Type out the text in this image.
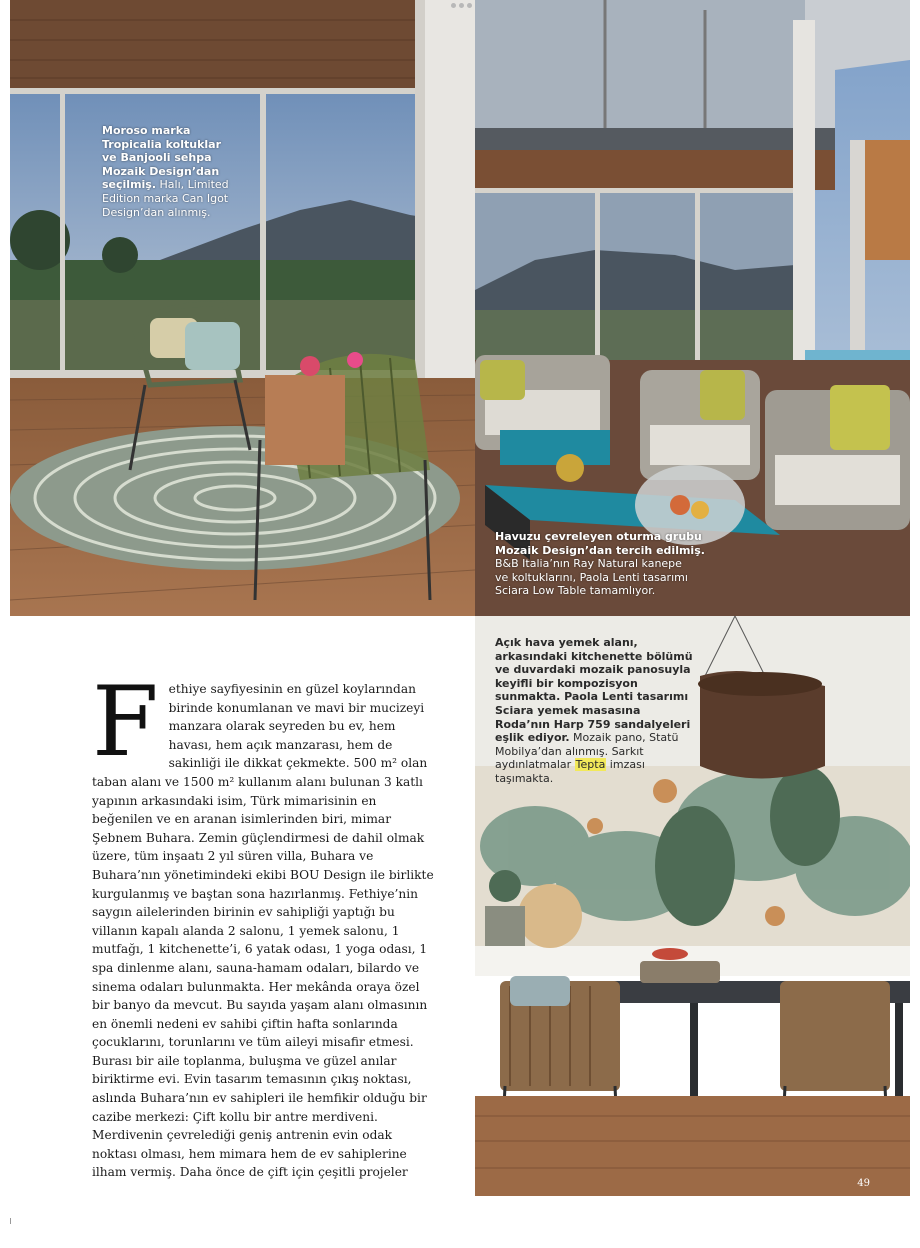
Moroso marka
Tropicalia koltuklar
ve Banjooli sehpa
Mozaik Design’dan
seçilmiş. Halı, Limited Edition marka Can Igot Design’dan alınmış.
Havuzu çevreleyen oturma grubu
Mozaik Design’dan tercih edilmiş.
B&B Italia’nın Ray Natural kanepe
ve koltuklarını, Paola Lenti tasarımı
Sciara Low Table tamamlıyor.
Açık hava yemek alanı, arkasındaki kitchenette bölümü ve duvardaki mozaik panosuyla keyifli bir kompozisyon sunmakta. Paola Lenti tasarımı Sciara yemek masasına Roda’nın Harp 759 sandalyeleri eşlik ediyor. Mozaik pano, Statü Mobilya’dan alınmış. Sarkıt aydınlatmalar Tepta imzası taşımakta.
F ethiye sayfiyesinin en güzel koylarından birinde konumlanan ve mavi bir mucizeyi manzara olarak seyreden bu ev, hem havası, hem açık manzarası, hem de sakinliği ile dikkat çekmekte. 500 m² olan taban alanı ve 1500 m² kullanım alanı bulunan 3 katlı yapının arkasındaki isim, Türk mimarisinin en beğenilen ve en aranan isimlerinden biri, mimar Şebnem Buhara. Zemin güçlendirmesi de dahil olmak üzere, tüm inşaatı 2 yıl süren villa, Buhara ve Buhara’nın yönetimindeki ekibi BOU Design ile birlikte kurgulanmış ve baştan sona hazırlanmış. Fethiye’nin saygın ailelerinden birinin ev sahipliği yaptığı bu villanın kapalı alanda 2 salonu, 1 yemek salonu, 1 mutfağı, 1 kitchenette’i, 6 yatak odası, 1 yoga odası, 1 spa dinlenme alanı, sauna-hamam odaları, bilardo ve sinema odaları bulunmakta. Her mekânda oraya özel bir banyo da mevcut. Bu sayıda yaşam alanı olmasının en önemli nedeni ev sahibi çiftin hafta sonlarında çocuklarını, torunlarını ve tüm aileyi misafir etmesi. Burası bir aile toplanma, buluşma ve güzel anılar biriktirme evi. Evin tasarım temasının çıkış noktası, aslında Buhara’nın ev sahipleri ile hemfikir olduğu bir cazibe merkezi: Çift kollu bir antre merdiveni. Merdivenin çevrelediği geniş antrenin evin odak noktası olması, hem mimara hem de ev sahiplerine ilham vermiş. Daha önce de çift için çeşitli projeler

49
